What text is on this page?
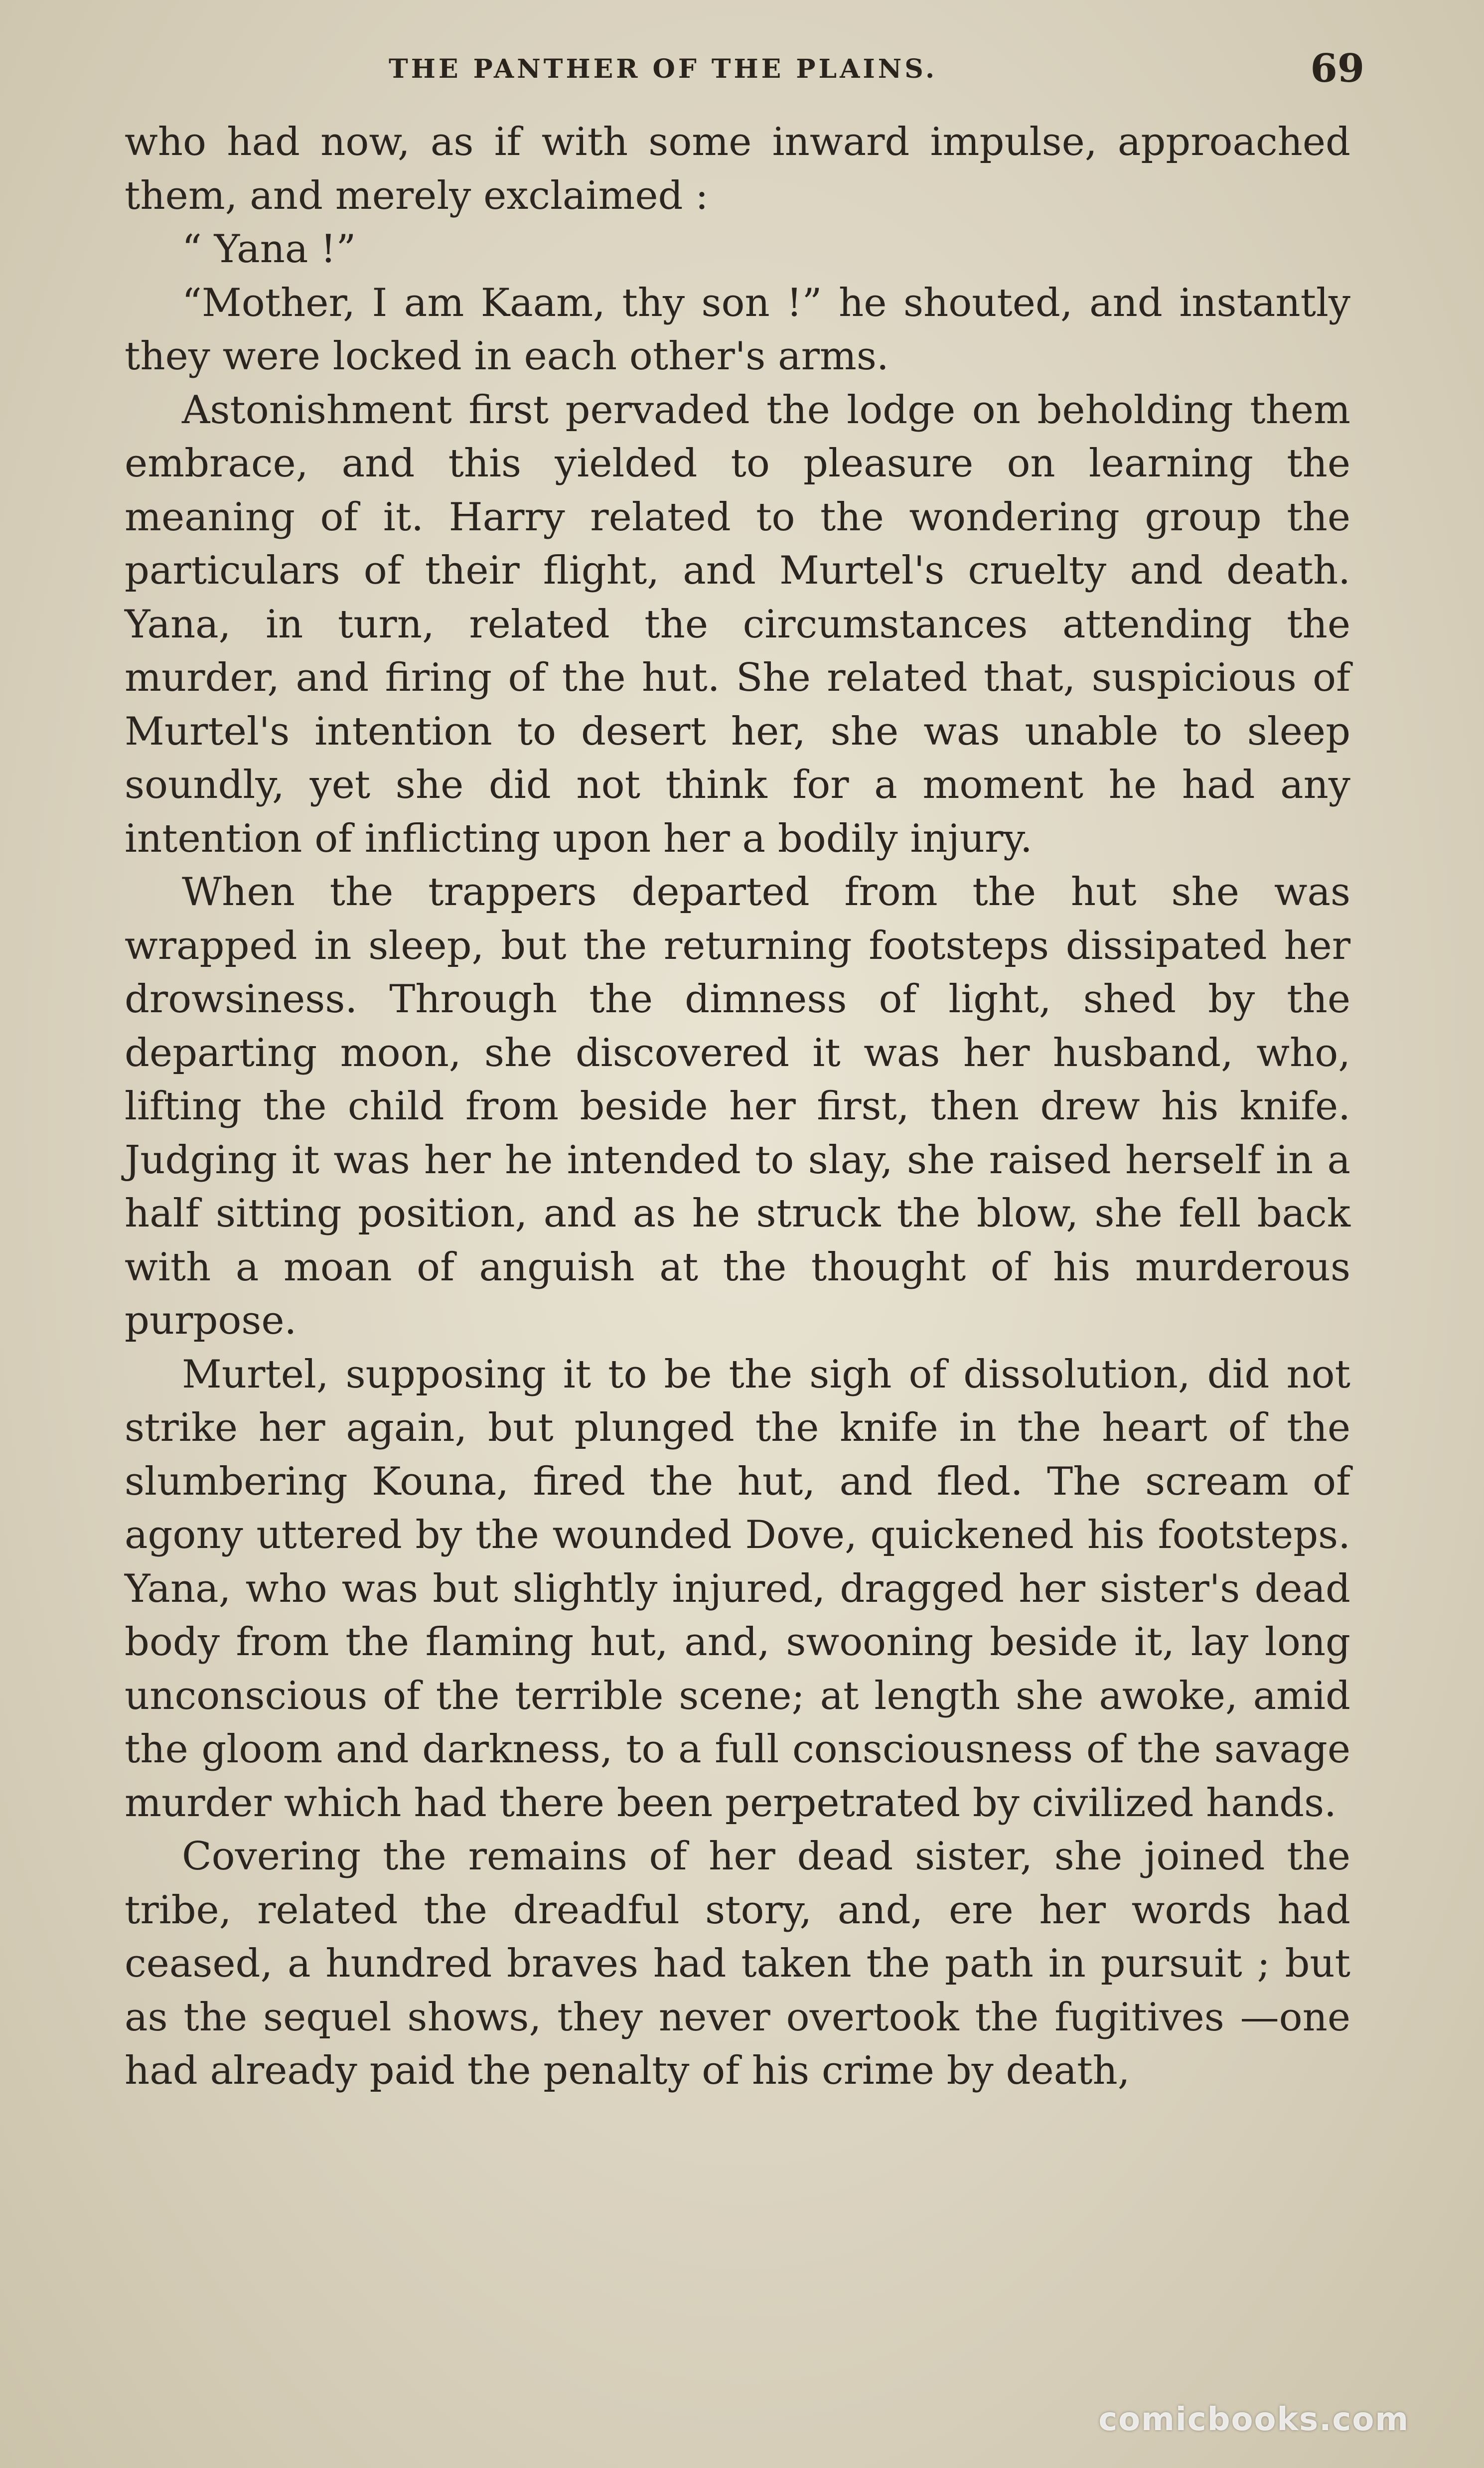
THE PANTHER OF THE PLAINS.	69

who had now, as if with some inward impulse, approached them, and merely exclaimed :

“ Yana !”

“Mother, I am Kaam, thy son !” he shouted, and instantly they were locked in each other's arms.

Astonishment first pervaded the lodge on beholding them embrace, and this yielded to pleasure on learning the meaning of it. Harry related to the wondering group the particulars of their flight, and Murtel's cruelty and death. Yana, in turn, related the circumstances attending the murder, and firing of the hut. She related that, suspicious of Murtel's intention to desert her, she was unable to sleep soundly, yet she did not think for a moment he had any intention of inflicting upon her a bodily injury.

When the trappers departed from the hut she was wrapped in sleep, but the returning footsteps dissipated her drowsiness. Through the dimness of light, shed by the departing moon, she discovered it was her husband, who, lifting the child from beside her first, then drew his knife. Judging it was her he intended to slay, she raised herself in a half sitting position, and as he struck the blow, she fell back with a moan of anguish at the thought of his murderous purpose.

Murtel, supposing it to be the sigh of dissolution, did not strike her again, but plunged the knife in the heart of the slumbering Kouna, fired the hut, and fled. The scream of agony uttered by the wounded Dove, quickened his footsteps. Yana, who was but slightly injured, dragged her sister's dead body from the flaming hut, and, swooning beside it, lay long unconscious of the terrible scene; at length she awoke, amid the gloom and darkness, to a full consciousness of the savage murder which had there been perpetrated by civilized hands.

Covering the remains of her dead sister, she joined the tribe, related the dreadful story, and, ere her words had ceased, a hundred braves had taken the path in pursuit ; but as the sequel shows, they never overtook the fugitives —one had already paid the penalty of his crime by death,

comicbooks.com
